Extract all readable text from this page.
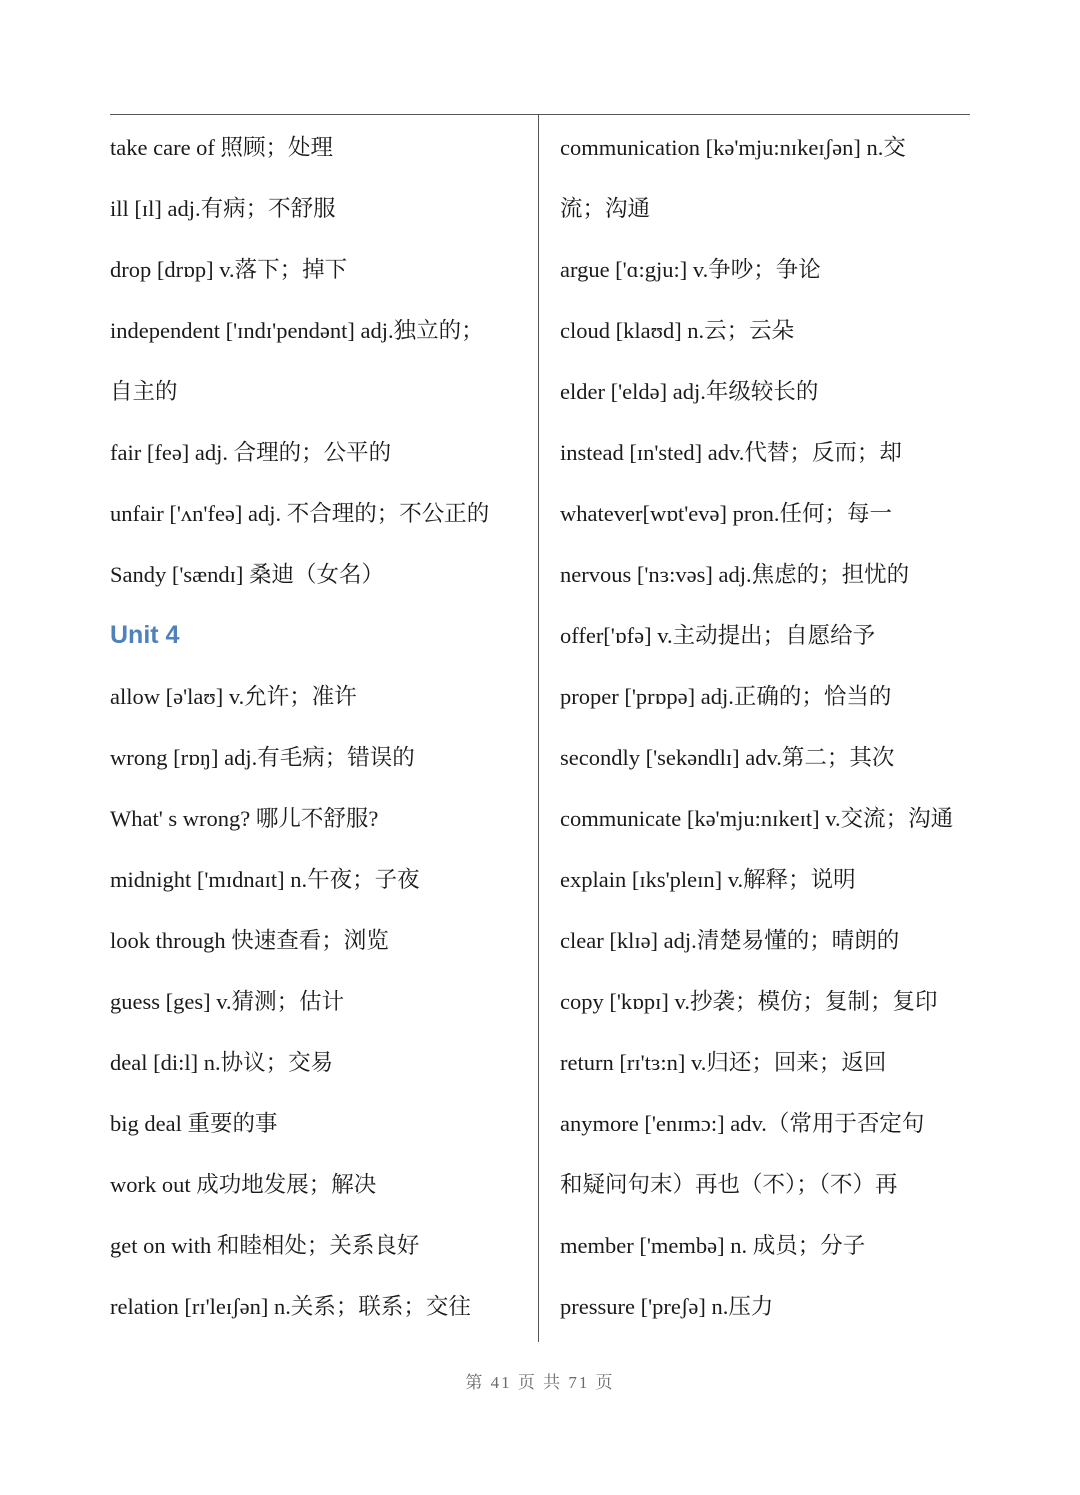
take care of 照顾；处理
ill [ɪl] adj.有病；不舒服
drop [drɒp] v.落下；掉下
independent ['ɪndɪ'pendənt] adj.独立的；
自主的
fair [feə] adj. 合理的；公平的
unfair ['ʌn'feə] adj. 不合理的；不公正的
Sandy ['sændɪ] 桑迪（女名）
Unit 4
allow [ə'laʊ] v.允许；准许
wrong [rɒŋ] adj.有毛病；错误的
What' s wrong? 哪儿不舒服?
midnight ['mɪdnaɪt] n.午夜；子夜
look through 快速查看；浏览
guess [ges] v.猜测；估计
deal [di:l] n.协议；交易
big deal 重要的事
work out 成功地发展；解决
get on with 和睦相处；关系良好
relation [rɪ'leɪʃən] n.关系；联系；交往
communication [kə'mju:nɪkeɪʃən] n.交
流；沟通
argue ['ɑ:gju:] v.争吵；争论
cloud [klaʊd] n.云；云朵
elder ['eldə] adj.年级较长的
instead [ɪn'sted] adv.代替；反而；却
whatever[wɒt'evə] pron.任何；每一
nervous ['nɜ:vəs] adj.焦虑的；担忧的
offer['ɒfə] v.主动提出；自愿给予
proper ['prɒpə] adj.正确的；恰当的
secondly ['sekəndlɪ] adv.第二；其次
communicate [kə'mju:nɪkeɪt] v.交流；沟通
explain [ɪks'pleɪn] v.解释；说明
clear [klɪə] adj.清楚易懂的；晴朗的
copy ['kɒpɪ] v.抄袭；模仿；复制；复印
return [rɪ'tɜ:n] v.归还；回来；返回
anymore ['enɪmɔ:] adv.（常用于否定句
和疑问句末）再也（不）；（不）再
member ['membə] n. 成员；分子
pressure ['preʃə] n.压力
第 41 页 共 71 页
